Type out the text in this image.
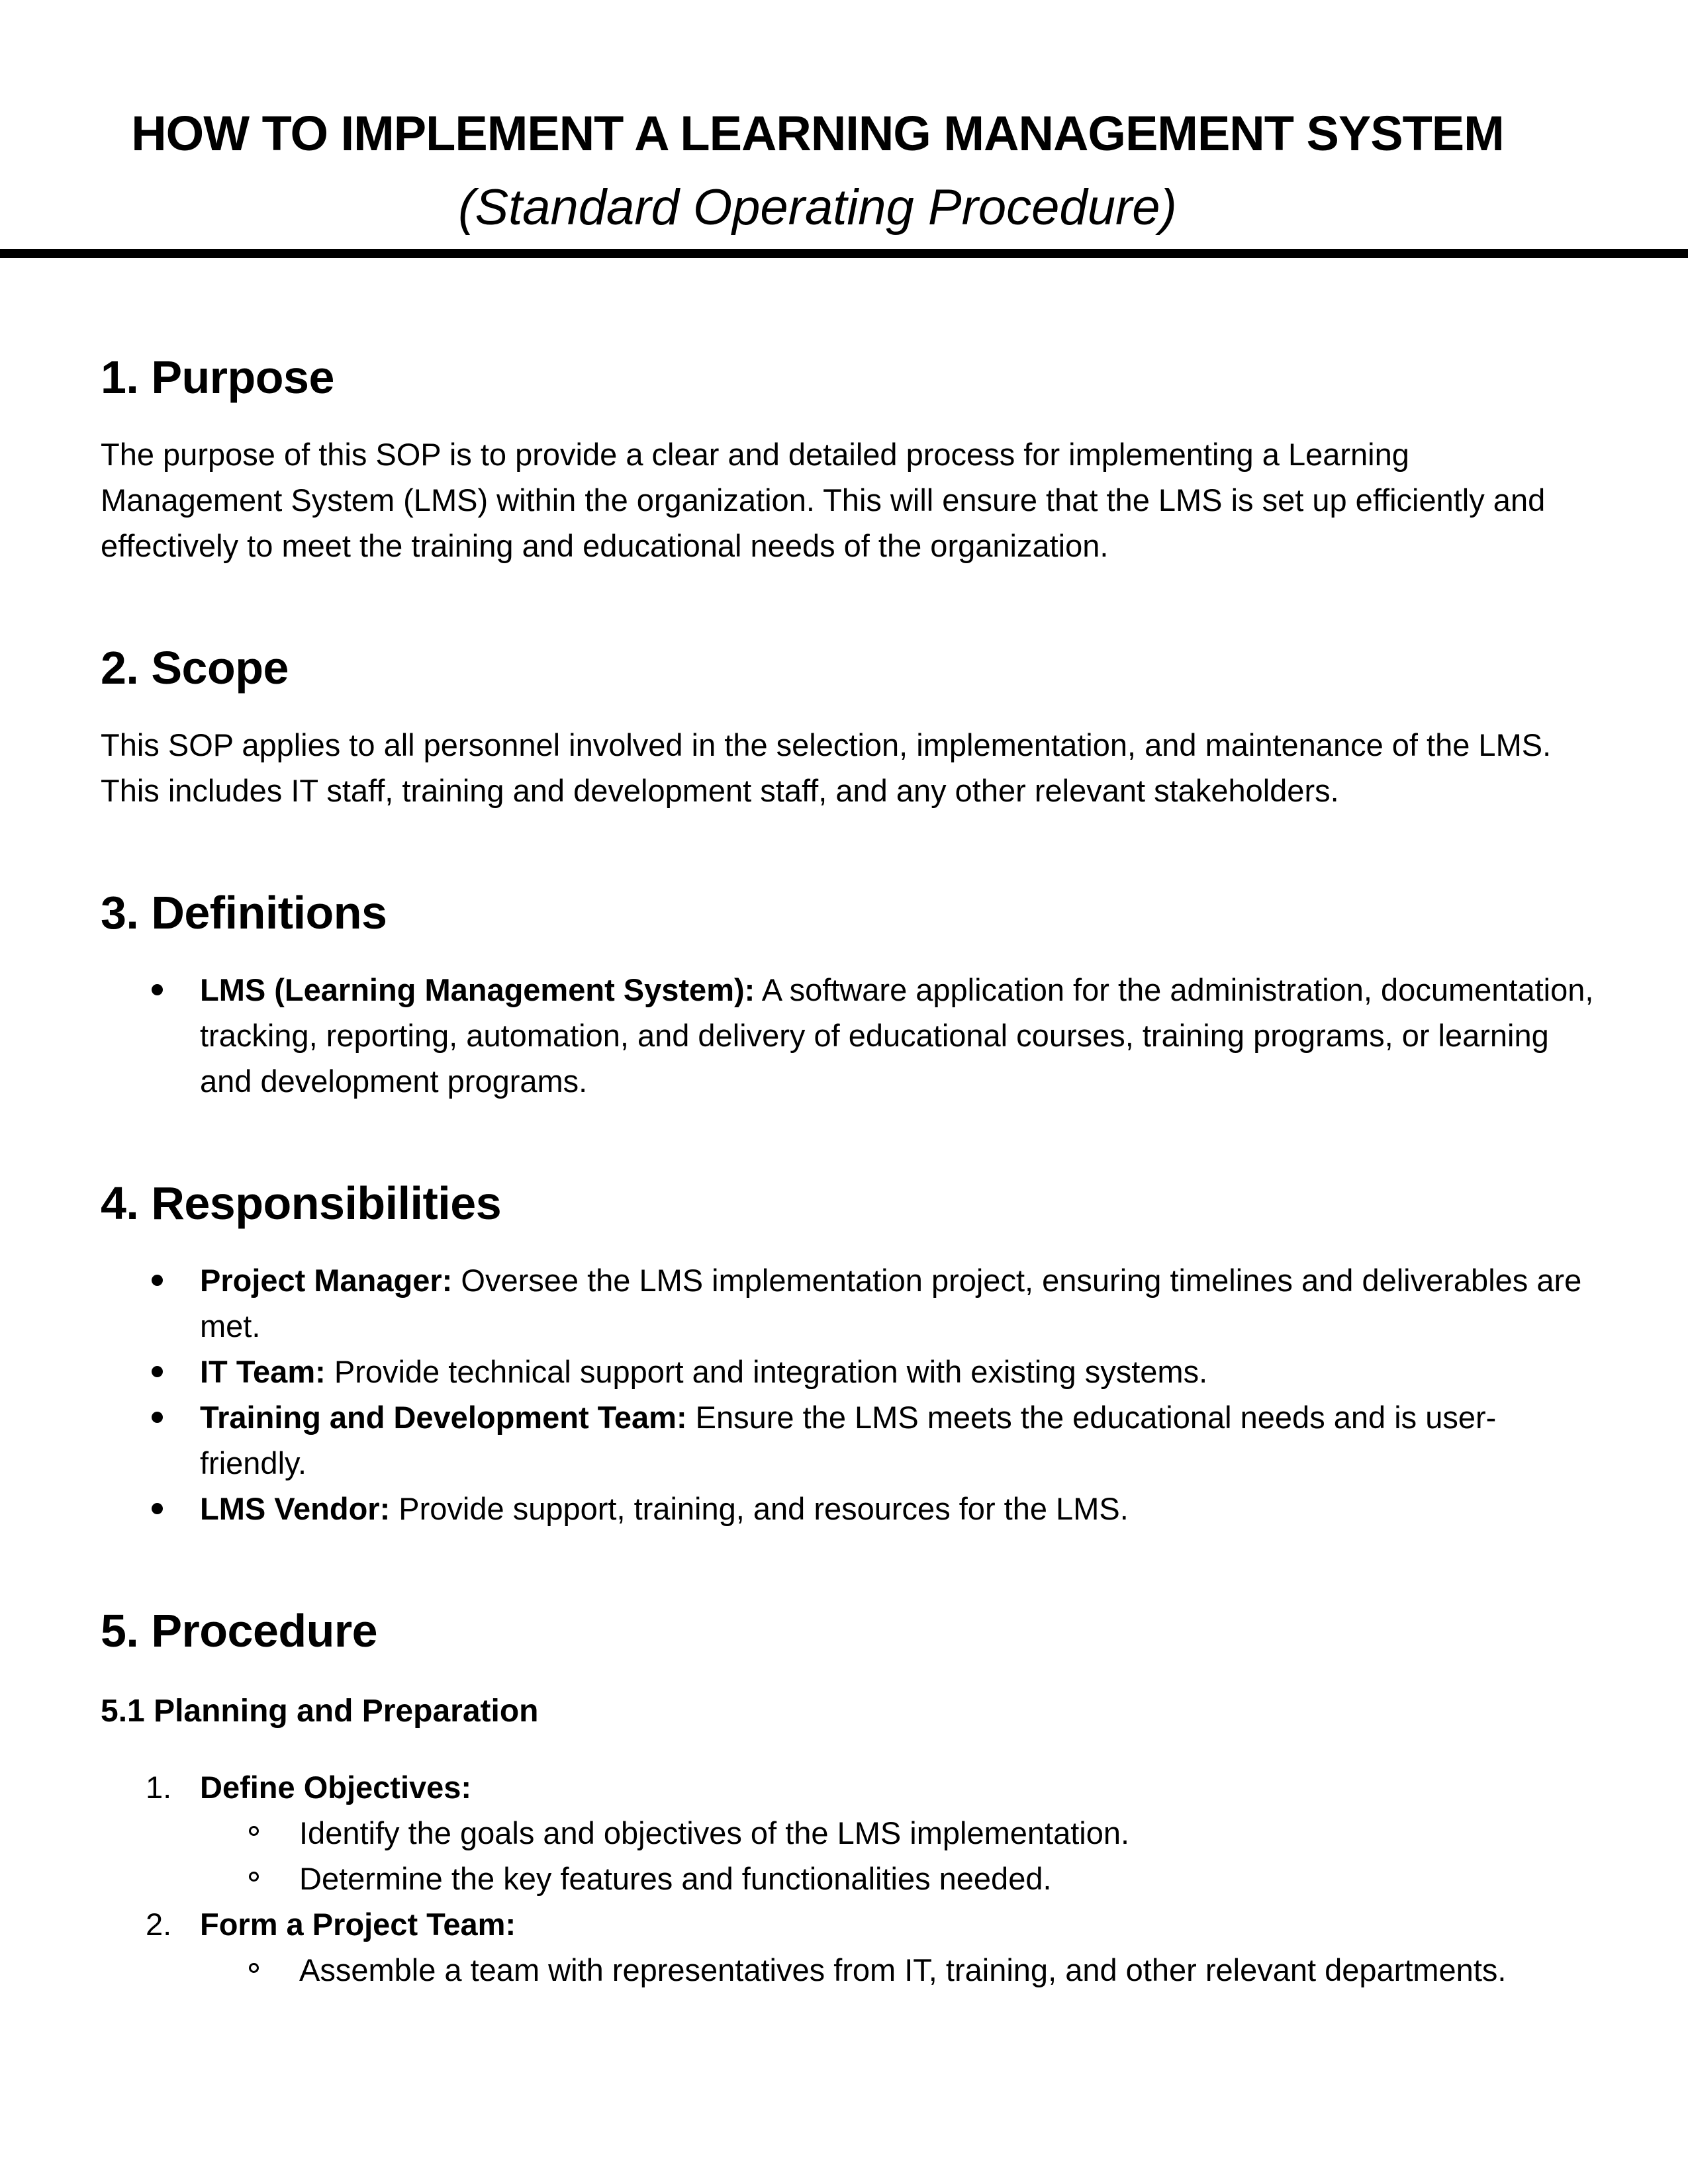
HOW TO IMPLEMENT A LEARNING MANAGEMENT SYSTEM
(Standard Operating Procedure)
1. Purpose

The purpose of this SOP is to provide a clear and detailed process for implementing a Learning Management System (LMS) within the organization. This will ensure that the LMS is set up efficiently and effectively to meet the training and educational needs of the organization.

2. Scope

This SOP applies to all personnel involved in the selection, implementation, and maintenance of the LMS. This includes IT staff, training and development staff, and any other relevant stakeholders.

3. Definitions
LMS (Learning Management System): A software application for the administration, documentation, tracking, reporting, automation, and delivery of educational courses, training programs, or learning and development programs.
4. Responsibilities
Project Manager: Oversee the LMS implementation project, ensuring timelines and deliverables are met.
IT Team: Provide technical support and integration with existing systems.
Training and Development Team: Ensure the LMS meets the educational needs and is user-friendly.
LMS Vendor: Provide support, training, and resources for the LMS.
5. Procedure
5.1 Planning and Preparation
1. Define Objectives:
Identify the goals and objectives of the LMS implementation.
Determine the key features and functionalities needed.
2. Form a Project Team:
Assemble a team with representatives from IT, training, and other relevant departments.
